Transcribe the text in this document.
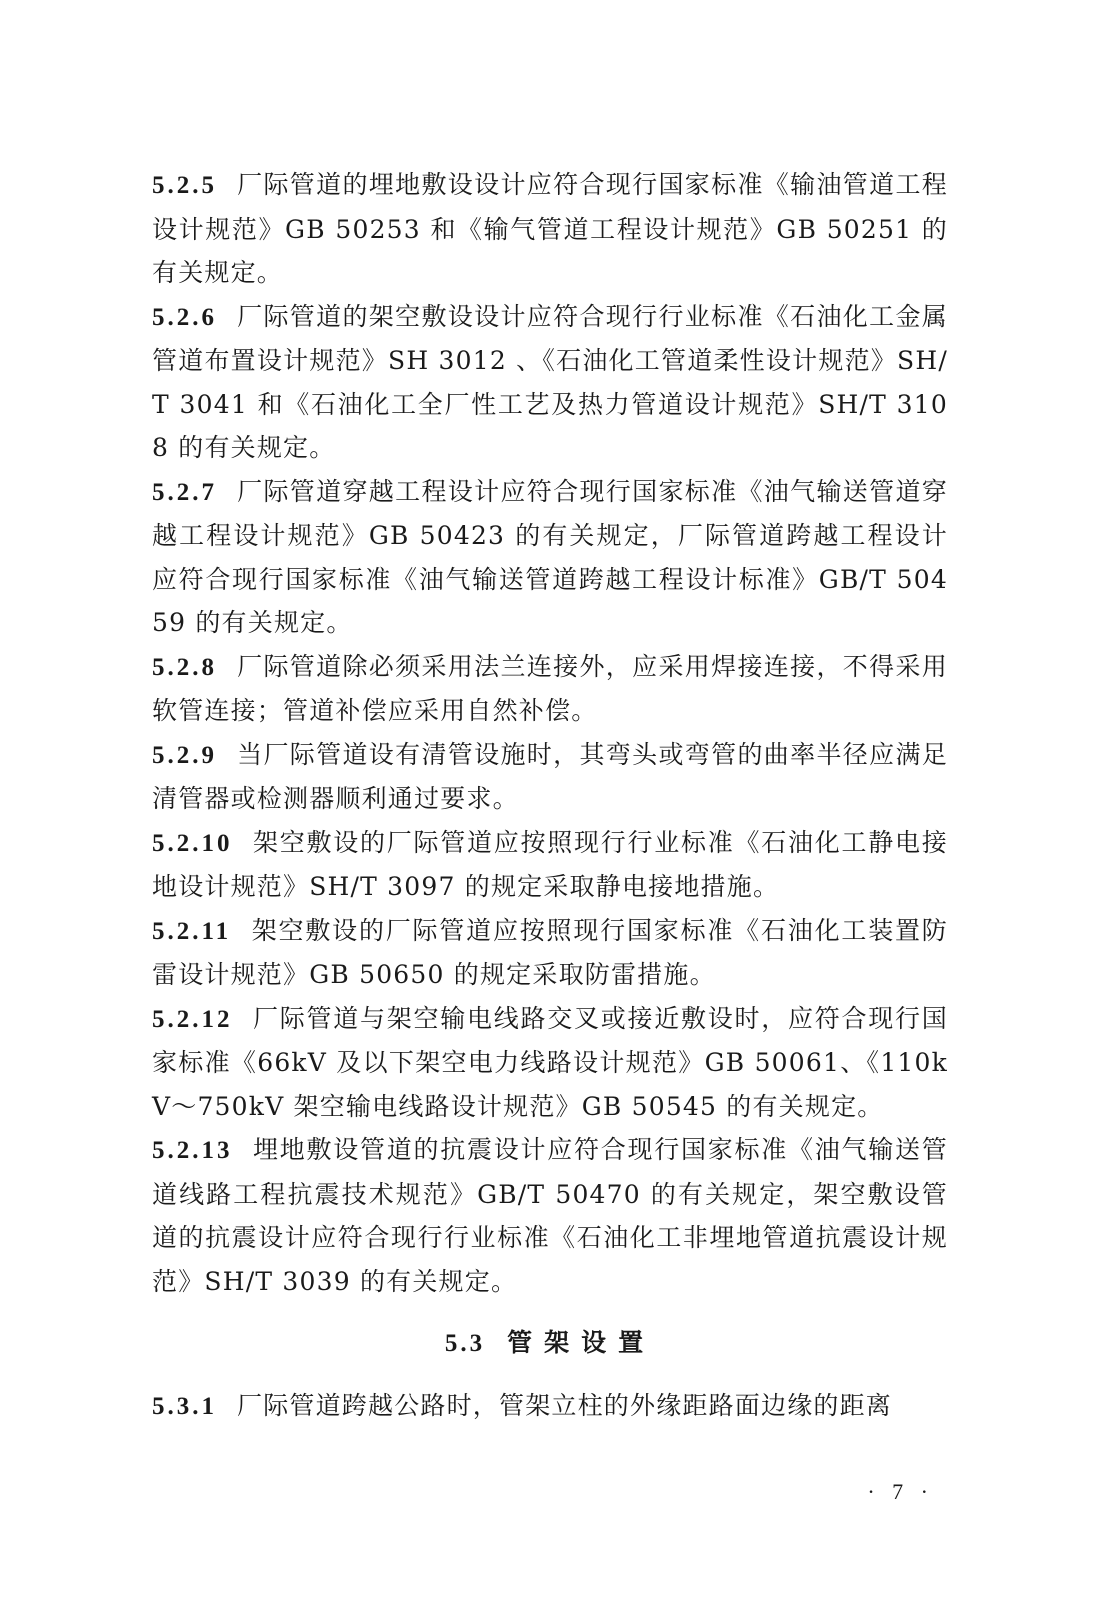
5.2.5 厂际管道的埋地敷设设计应符合现行国家标准《输油管道工程设计规范》GB 50253 和《输气管道工程设计规范》GB 50251 的有关规定。

5.2.6 厂际管道的架空敷设设计应符合现行行业标准《石油化工金属管道布置设计规范》SH 3012 、《石油化工管道柔性设计规范》SH/T 3041 和《石油化工全厂性工艺及热力管道设计规范》SH/T 3108 的有关规定。

5.2.7 厂际管道穿越工程设计应符合现行国家标准《油气输送管道穿越工程设计规范》GB 50423 的有关规定，厂际管道跨越工程设计应符合现行国家标准《油气输送管道跨越工程设计标准》GB/T 50459 的有关规定。

5.2.8 厂际管道除必须采用法兰连接外，应采用焊接连接，不得采用软管连接；管道补偿应采用自然补偿。

5.2.9 当厂际管道设有清管设施时，其弯头或弯管的曲率半径应满足清管器或检测器顺利通过要求。

5.2.10 架空敷设的厂际管道应按照现行行业标准《石油化工静电接地设计规范》SH/T 3097 的规定采取静电接地措施。

5.2.11 架空敷设的厂际管道应按照现行国家标准《石油化工装置防雷设计规范》GB 50650 的规定采取防雷措施。

5.2.12 厂际管道与架空输电线路交叉或接近敷设时，应符合现行国家标准《66kV 及以下架空电力线路设计规范》GB 50061、《110kV～750kV 架空输电线路设计规范》GB 50545 的有关规定。

5.2.13 埋地敷设管道的抗震设计应符合现行国家标准《油气输送管道线路工程抗震技术规范》GB/T 50470 的有关规定，架空敷设管道的抗震设计应符合现行行业标准《石油化工非埋地管道抗震设计规范》SH/T 3039 的有关规定。

5.3 管架设置

5.3.1 厂际管道跨越公路时，管架立柱的外缘距路面边缘的距离

· 7 ·
